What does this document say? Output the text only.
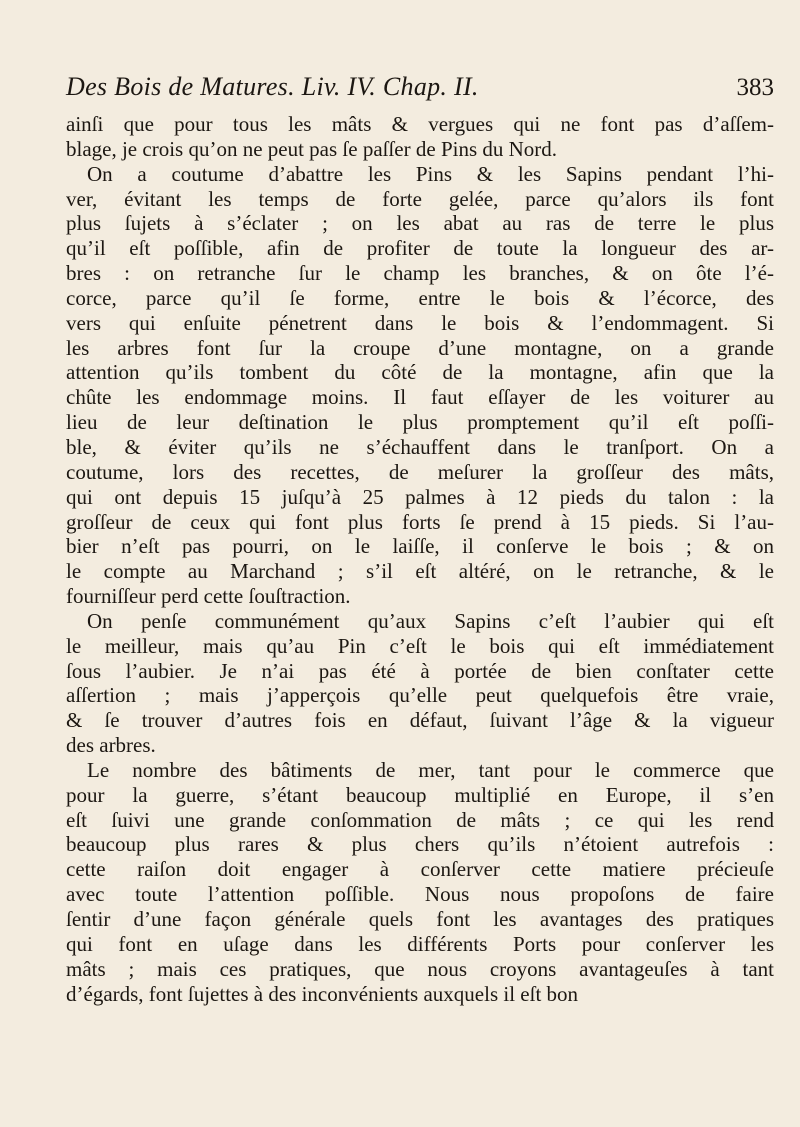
Des Bois de Matures. Liv. IV. Chap. II.	383
ainſi que pour tous les mâts & vergues qui ne font pas d’aſſem-
blage, je crois qu’on ne peut pas ſe paſſer de Pins du Nord.
On a coutume d’abattre les Pins & les Sapins pendant l’hi-
ver, évitant les temps de forte gelée, parce qu’alors ils font
plus ſujets à s’éclater ; on les abat au ras de terre le plus
qu’il eſt poſſible, afin de profiter de toute la longueur des ar-
bres : on retranche ſur le champ les branches, & on ôte l’é-
corce, parce qu’il ſe forme, entre le bois & l’écorce, des
vers qui enſuite pénetrent dans le bois & l’endommagent. Si
les arbres font ſur la croupe d’une montagne, on a grande
attention qu’ils tombent du côté de la montagne, afin que la
chûte les endommage moins. Il faut eſſayer de les voiturer au
lieu de leur deſtination le plus promptement qu’il eſt poſſi-
ble, & éviter qu’ils ne s’échauffent dans le tranſport. On a
coutume, lors des recettes, de meſurer la groſſeur des mâts,
qui ont depuis 15 juſqu’à 25 palmes à 12 pieds du talon : la
groſſeur de ceux qui font plus forts ſe prend à 15 pieds. Si l’au-
bier n’eſt pas pourri, on le laiſſe, il conſerve le bois ; & on
le compte au Marchand ; s’il eſt altéré, on le retranche, & le
fourniſſeur perd cette ſouſtraction.
On penſe communément qu’aux Sapins c’eſt l’aubier qui eſt
le meilleur, mais qu’au Pin c’eſt le bois qui eſt immédiatement
ſous l’aubier. Je n’ai pas été à portée de bien conſtater cette
aſſertion ; mais j’apperçois qu’elle peut quelquefois être vraie,
& ſe trouver d’autres fois en défaut, ſuivant l’âge & la vigueur
des arbres.
Le nombre des bâtiments de mer, tant pour le commerce que
pour la guerre, s’étant beaucoup multiplié en Europe, il s’en
eſt ſuivi une grande conſommation de mâts ; ce qui les rend
beaucoup plus rares & plus chers qu’ils n’étoient autrefois :
cette raiſon doit engager à conſerver cette matiere précieuſe
avec toute l’attention poſſible. Nous nous propoſons de faire
ſentir d’une façon générale quels font les avantages des pratiques
qui font en uſage dans les différents Ports pour conſerver les
mâts ; mais ces pratiques, que nous croyons avantageuſes à tant
d’égards, font ſujettes à des inconvénients auxquels il eſt bon
